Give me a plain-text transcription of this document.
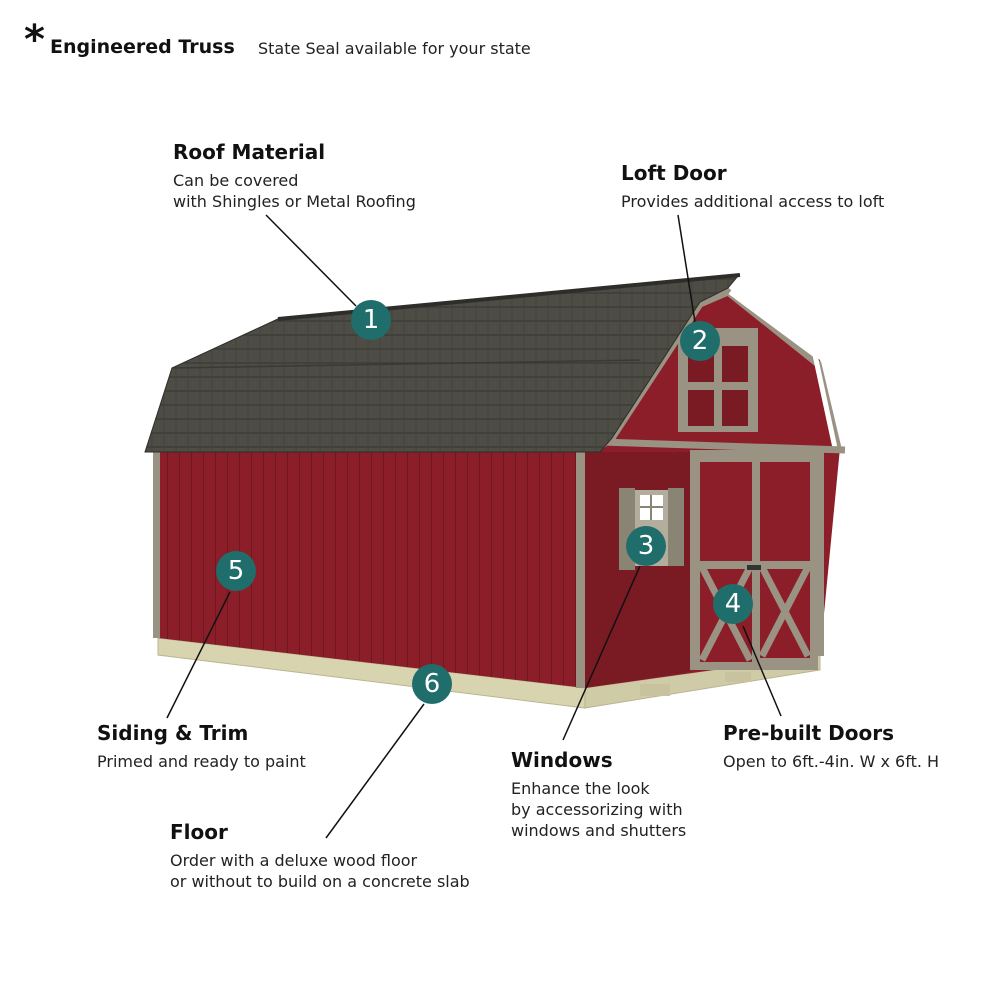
* Engineered Truss State Seal available for your state
1
2
3
4
5
6
Roof Material

Can be covered
with Shingles or Metal Roofing

Loft Door

Provides additional access to loft

Windows

Enhance the look
by accessorizing with
windows and shutters

Pre-built Doors

Open to 6ft.-4in. W x 6ft. H

Siding & Trim

Primed and ready to paint

Floor

Order with a deluxe wood floor
or without to build on a concrete slab
